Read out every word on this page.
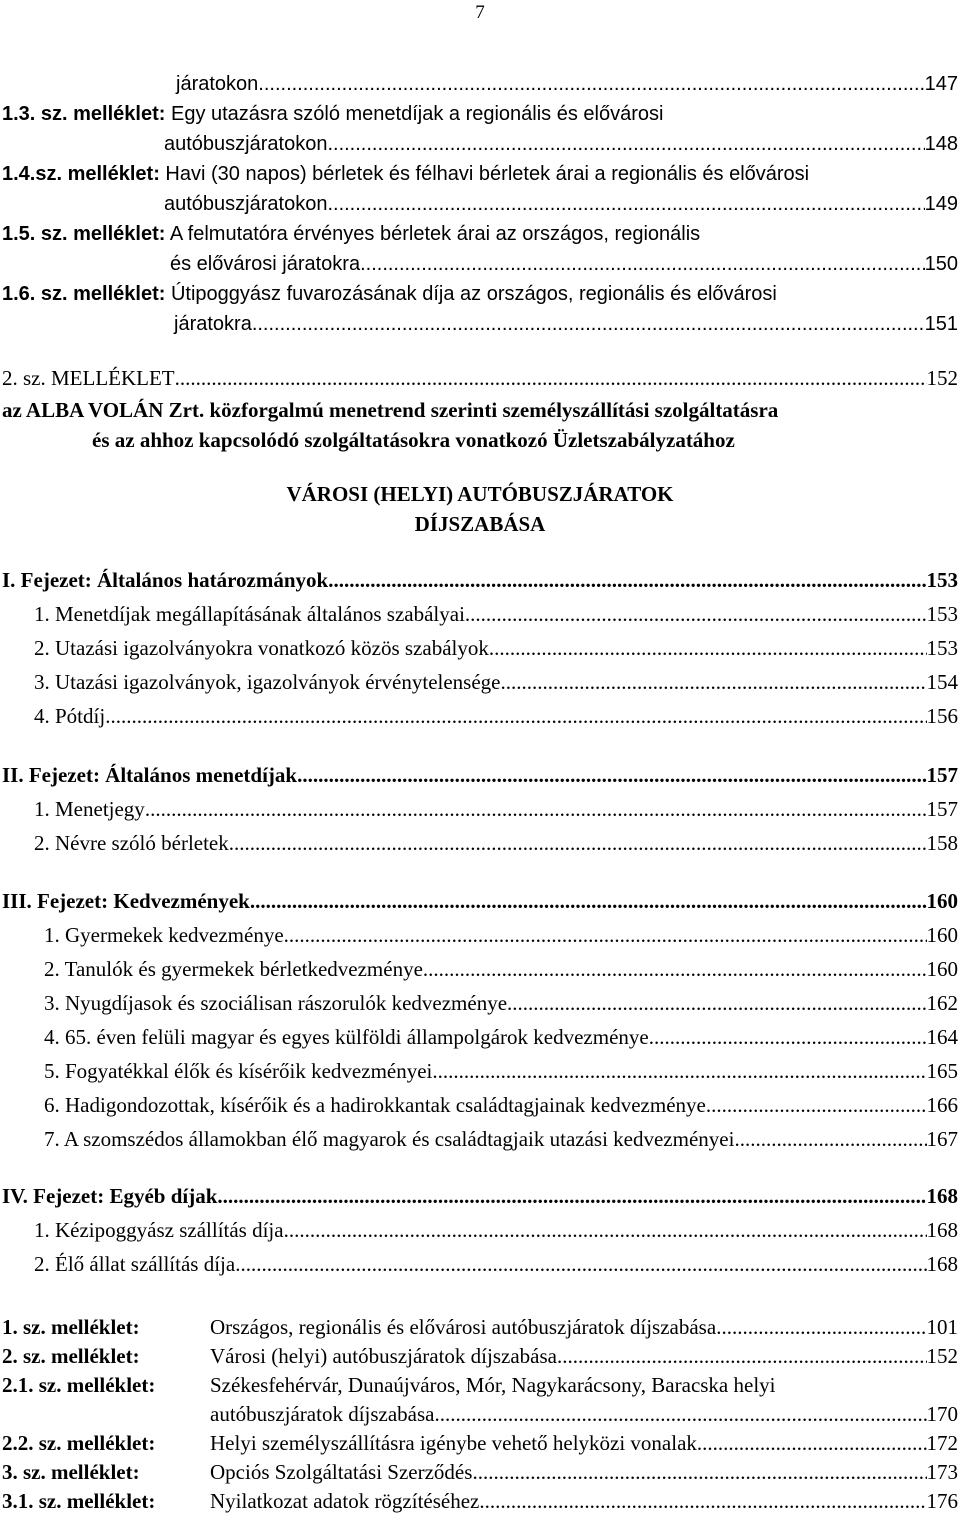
7
járatokon .....	147
1.3. sz. melléklet: Egy utazásra szóló menetdíjak a regionális és elővárosi
autóbuszjáratokon .....	148
1.4.sz. melléklet: Havi (30 napos) bérletek és félhavi bérletek árai a regionális és elővárosi
autóbuszjáratokon .....	149
1.5. sz. melléklet: A felmutatóra érvényes bérletek árai az országos, regionális
és elővárosi járatokra .....	150
1.6. sz. melléklet: Útipoggyász fuvarozásának díja az országos, regionális és elővárosi
járatokra .....	151
2. sz. MELLÉKLET .....	152
az ALBA VOLÁN Zrt. közforgalmú menetrend szerinti személyszállítási szolgáltatásra
és az ahhoz kapcsolódó szolgáltatásokra vonatkozó Üzletszabályzatához
VÁROSI (HELYI) AUTÓBUSZJÁRATOK
DÍJSZABÁSA
I. Fejezet: Általános határozmányok .....	153
1. Menetdíjak megállapításának általános szabályai .....	153
2. Utazási igazolványokra vonatkozó közös szabályok .....	153
3. Utazási igazolványok, igazolványok érvénytelensége .....	154
4. Pótdíj .....	156
II. Fejezet: Általános menetdíjak .....	157
1. Menetjegy .....	157
2. Névre szóló bérletek .....	158
III. Fejezet: Kedvezmények .....	160
1. Gyermekek kedvezménye .....	160
2. Tanulók és gyermekek bérletkedvezménye .....	160
3. Nyugdíjasok és szociálisan rászorulók kedvezménye .....	162
4. 65. éven felüli magyar és egyes külföldi állampolgárok kedvezménye .....	164
5. Fogyatékkal élők és kísérőik kedvezményei .....	165
6. Hadigondozottak, kísérőik és a hadirokkantak családtagjainak kedvezménye .....	166
7. A szomszédos államokban élő magyarok és családtagjaik utazási kedvezményei .....	167
IV. Fejezet: Egyéb díjak .....	168
1. Kézipoggyász szállítás díja .....	168
2. Élő állat szállítás díja .....	168
1. sz. melléklet:	Országos, regionális és elővárosi autóbuszjáratok díjszabása .....	101
2. sz. melléklet:	Városi (helyi) autóbuszjáratok díjszabása .....	152
2.1. sz. melléklet:	Székesfehérvár, Dunaújváros, Mór, Nagykarácsony, Baracska helyi
autóbuszjáratok díjszabása .....	170
2.2. sz. melléklet:	Helyi személyszállításra igénybe vehető helyközi vonalak .....	172
3. sz. melléklet:	Opciós Szolgáltatási Szerződés .....	173
3.1. sz. melléklet:	Nyilatkozat adatok rögzítéséhez .....	176
